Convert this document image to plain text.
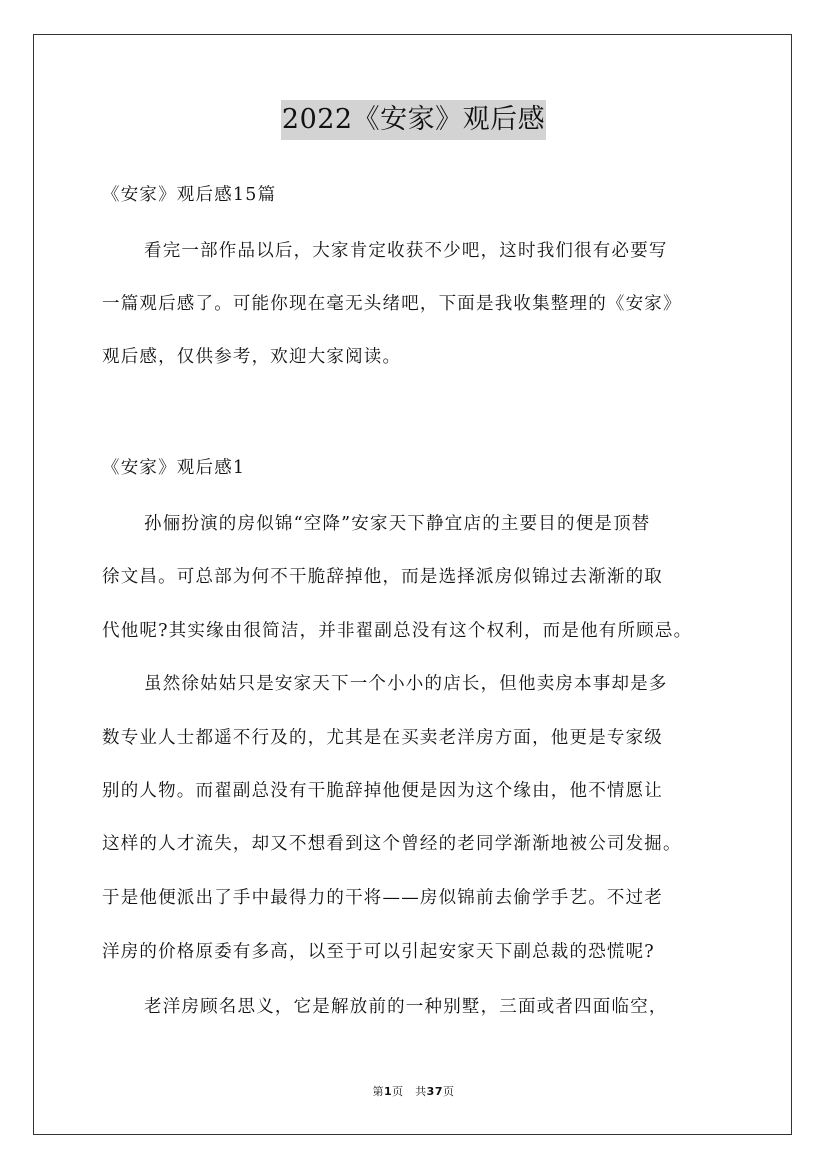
2022《安家》观后感
《安家》观后感15篇
看完一部作品以后，大家肯定收获不少吧，这时我们很有必要写
一篇观后感了。可能你现在毫无头绪吧，下面是我收集整理的《安家》
观后感，仅供参考，欢迎大家阅读。
《安家》观后感1
孙俪扮演的房似锦“空降”安家天下静宜店的主要目的便是顶替
徐文昌。可总部为何不干脆辞掉他，而是选择派房似锦过去渐渐的取
代他呢?其实缘由很简洁，并非翟副总没有这个权利，而是他有所顾忌。
虽然徐姑姑只是安家天下一个小小的店长，但他卖房本事却是多
数专业人士都遥不行及的，尤其是在买卖老洋房方面，他更是专家级
别的人物。而翟副总没有干脆辞掉他便是因为这个缘由，他不情愿让
这样的人才流失，却又不想看到这个曾经的老同学渐渐地被公司发掘。
于是他便派出了手中最得力的干将——房似锦前去偷学手艺。不过老
洋房的价格原委有多高，以至于可以引起安家天下副总裁的恐慌呢?
老洋房顾名思义，它是解放前的一种别墅，三面或者四面临空，
第1页　共37页
